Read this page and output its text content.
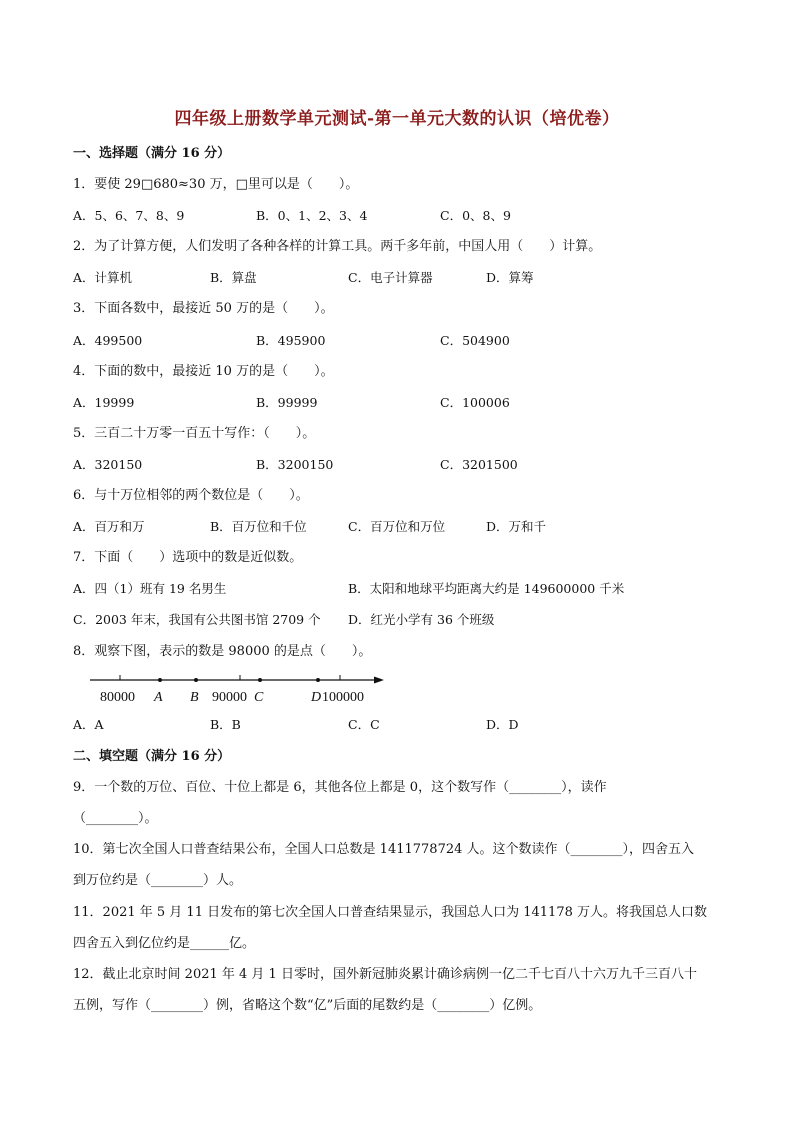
四年级上册数学单元测试-第一单元大数的认识（培优卷）
一、选择题（满分 16 分）
1．要使 29□680≈30 万，□里可以是（　　）。
A．5、6、7、8、9	B．0、1、2、3、4	C．0、8、9
2．为了计算方便，人们发明了各种各样的计算工具。两千多年前，中国人用（　　）计算。
A．计算机	B．算盘	C．电子计算器	D．算筹
3．下面各数中，最接近 50 万的是（　　）。
A．499500	B．495900	C．504900
4．下面的数中，最接近 10 万的是（　　）。
A．19999	B．99999	C．100006
5．三百二十万零一百五十写作：（　　）。
A．320150	B．3200150	C．3201500
6．与十万位相邻的两个数位是（　　）。
A．百万和万	B．百万位和千位	C．百万位和万位	D．万和千
7．下面（　　）选项中的数是近似数。
A．四（1）班有 19 名男生	B．太阳和地球平均距离大约是 149600000 千米
C．2003 年末，我国有公共图书馆 2709 个 D．红光小学有 36 个班级
8．观察下图，表示的数是 98000 的是点（　　）。
80000 A B 90000 C	D 100000
A．A	B．B	C．C	D．D
二、填空题（满分 16 分）
9．一个数的万位、百位、十位上都是 6，其他各位上都是 0，这个数写作（________），读作
（________）。
10．第七次全国人口普查结果公布，全国人口总数是 1411778724 人。这个数读作（________），四舍五入
到万位约是（________）人。
11．2021 年 5 月 11 日发布的第七次全国人口普查结果显示，我国总人口为 141178 万人。将我国总人口数
四舍五入到亿位约是______亿。
12．截止北京时间 2021 年 4 月 1 日零时，国外新冠肺炎累计确诊病例一亿二千七百八十六万九千三百八十
五例，写作（________）例，省略这个数“亿”后面的尾数约是（________）亿例。
